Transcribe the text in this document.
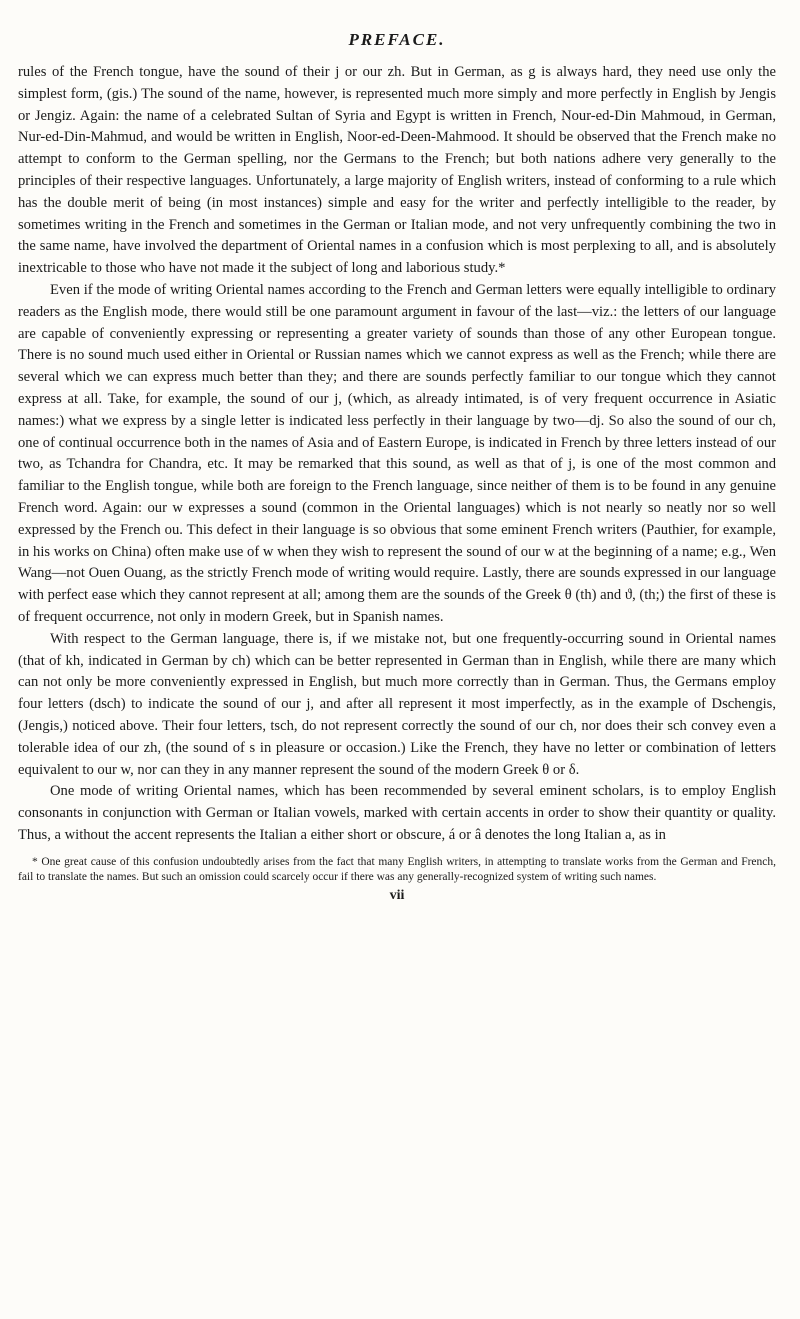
PREFACE.

rules of the French tongue, have the sound of their j or our zh. But in German, as g is always hard, they need use only the simplest form, (gis.) The sound of the name, however, is represented much more simply and more perfectly in English by Jengis or Jengiz. Again: the name of a celebrated Sultan of Syria and Egypt is written in French, Nour-ed-Din Mahmoud, in German, Nur-ed-Din-Mahmud, and would be written in English, Noor-ed-Deen-Mahmood. It should be observed that the French make no attempt to conform to the German spelling, nor the Germans to the French; but both nations adhere very generally to the principles of their respective languages. Unfortunately, a large majority of English writers, instead of conforming to a rule which has the double merit of being (in most instances) simple and easy for the writer and perfectly intelligible to the reader, by sometimes writing in the French and sometimes in the German or Italian mode, and not very unfrequently combining the two in the same name, have involved the department of Oriental names in a confusion which is most perplexing to all, and is absolutely inextricable to those who have not made it the subject of long and laborious study.*

Even if the mode of writing Oriental names according to the French and German letters were equally intelligible to ordinary readers as the English mode, there would still be one paramount argument in favour of the last—viz.: the letters of our language are capable of conveniently expressing or representing a greater variety of sounds than those of any other European tongue. There is no sound much used either in Oriental or Russian names which we cannot express as well as the French; while there are several which we can express much better than they; and there are sounds perfectly familiar to our tongue which they cannot express at all. Take, for example, the sound of our j, (which, as already intimated, is of very frequent occurrence in Asiatic names:) what we express by a single letter is indicated less perfectly in their language by two—dj. So also the sound of our ch, one of continual occurrence both in the names of Asia and of Eastern Europe, is indicated in French by three letters instead of our two, as Tchandra for Chandra, etc. It may be remarked that this sound, as well as that of j, is one of the most common and familiar to the English tongue, while both are foreign to the French language, since neither of them is to be found in any genuine French word. Again: our w expresses a sound (common in the Oriental languages) which is not nearly so neatly nor so well expressed by the French ou. This defect in their language is so obvious that some eminent French writers (Pauthier, for example, in his works on China) often make use of w when they wish to represent the sound of our w at the beginning of a name; e.g., Wen Wang—not Ouen Ouang, as the strictly French mode of writing would require. Lastly, there are sounds expressed in our language with perfect ease which they cannot represent at all; among them are the sounds of the Greek θ (th) and ϑ, (th;) the first of these is of frequent occurrence, not only in modern Greek, but in Spanish names.

With respect to the German language, there is, if we mistake not, but one frequently-occurring sound in Oriental names (that of kh, indicated in German by ch) which can be better represented in German than in English, while there are many which can not only be more conveniently expressed in English, but much more correctly than in German. Thus, the Germans employ four letters (dsch) to indicate the sound of our j, and after all represent it most imperfectly, as in the example of Dschengis, (Jengis,) noticed above. Their four letters, tsch, do not represent correctly the sound of our ch, nor does their sch convey even a tolerable idea of our zh, (the sound of s in pleasure or occasion.) Like the French, they have no letter or combination of letters equivalent to our w, nor can they in any manner represent the sound of the modern Greek θ or δ.

One mode of writing Oriental names, which has been recommended by several eminent scholars, is to employ English consonants in conjunction with German or Italian vowels, marked with certain accents in order to show their quantity or quality. Thus, a without the accent represents the Italian a either short or obscure, á or â denotes the long Italian a, as in

* One great cause of this confusion undoubtedly arises from the fact that many English writers, in attempting to translate works from the German and French, fail to translate the names. But such an omission could scarcely occur if there was any generally-recognized system of writing such names.
vii
